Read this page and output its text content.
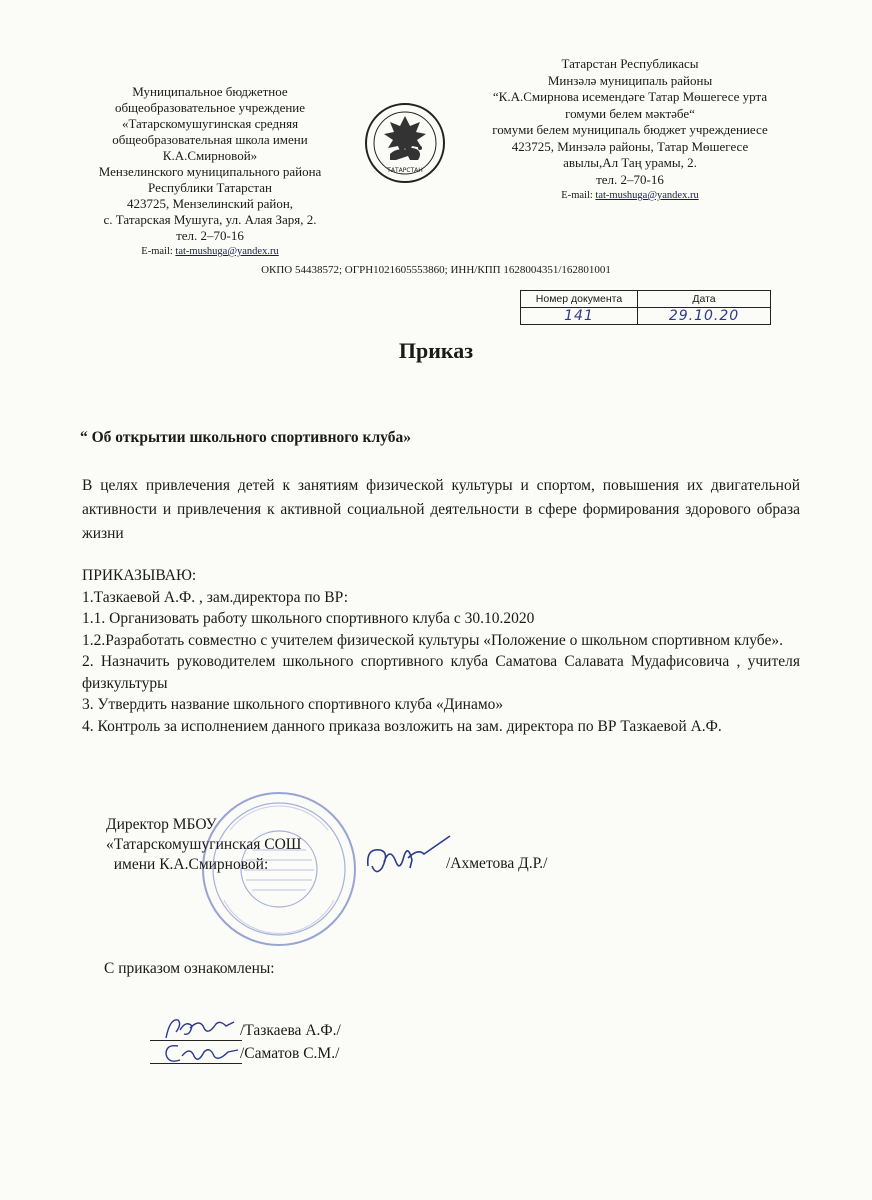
Муниципальное бюджетное
общеобразовательное учреждение
«Татарскомушугинская средняя
общеобразовательная школа имени
К.А.Смирновой»
Мензелинского муниципального района
Республики Татарстан
423725, Мензелинский район,
с. Татарская Мушуга, ул. Алая Заря, 2.
тел. 2–70-16
E-mail: tat-mushuga@yandex.ru
ТАТАРСТАН
Татарстан Республикасы
Минзәлә муниципаль районы
“К.А.Смирнова исемендәге Татар Мөшегесе урта
гомуми белем мәктәбе“
гомуми белем муниципаль бюджет учреждениесе
423725, Минзәлә районы, Татар Мөшегесе
авылы,Ал Таң урамы, 2.
тел. 2–70-16
E-mail: tat-mushuga@yandex.ru
ОКПО 54438572; ОГРН1021605553860; ИНН/КПП 1628004351/162801001
Номер документа	Дата
141	29.10.20
Приказ
“ Об открытии школьного спортивного клуба»
В целях привлечения детей к занятиям физической культуры и спортом, повышения их двигательной активности и привлечения к активной социальной деятельности в сфере формирования здорового образа жизни

ПРИКАЗЫВАЮ:

1.Тазкаевой А.Ф. , зам.директора по ВР:

1.1. Организовать работу школьного спортивного клуба с 30.10.2020

1.2.Разработать совместно с учителем физической культуры «Положение о школьном спортивном клубе».

2. Назначить руководителем школьного спортивного клуба Саматова Салавата Мудафисовича , учителя физкультуры

3. Утвердить название школьного спортивного клуба «Динамо»

4. Контроль за исполнением данного приказа возложить на зам. директора по ВР Тазкаевой А.Ф.

Директор МБОУ
«Татарскомушугинская СОШ
имени К.А.Смирновой:	/Ахметова Д.Р./
С приказом ознакомлены:
/Тазкаева А.Ф./
/Саматов С.М./
